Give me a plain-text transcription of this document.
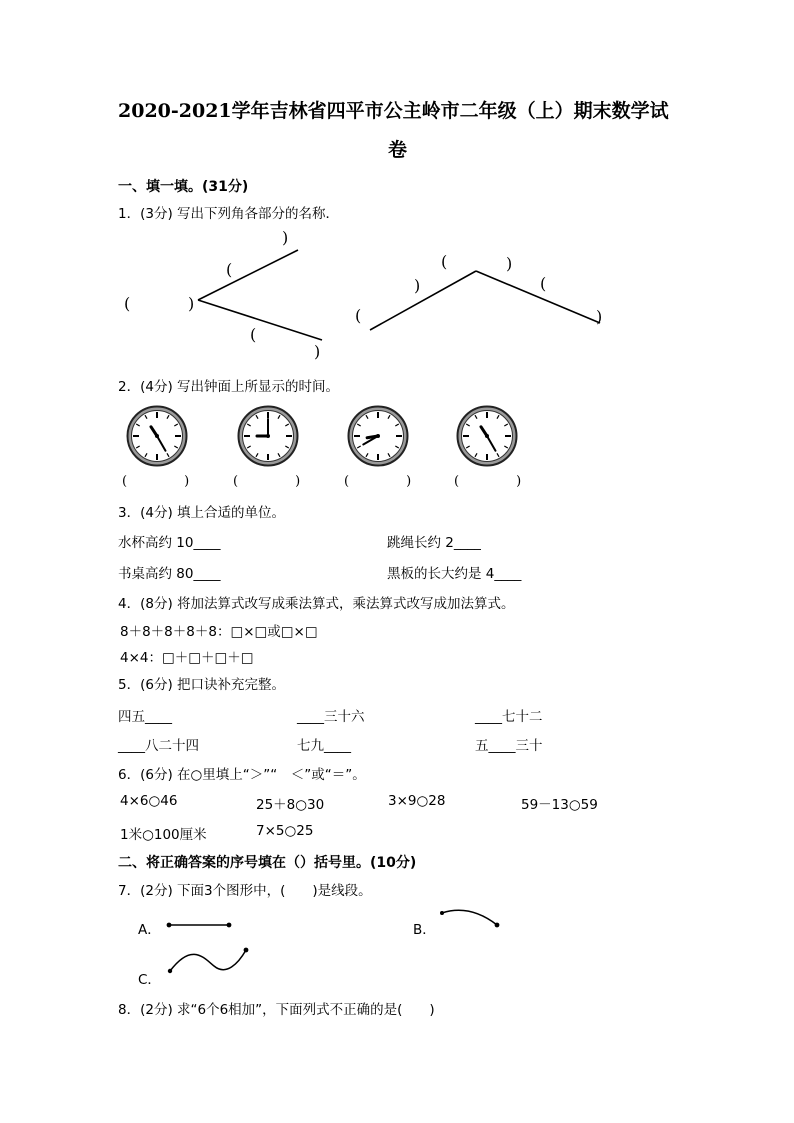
2020-2021学年吉林省四平市公主岭市二年级（上）期末数学试
卷
一、填一填。(31分)
1．(3分) 写出下列角各部分的名称．
)
(
(	)
(
)
(	)
)	(
(	)
2．(4分) 写出钟面上所显示的时间。
(　　　　)	(　　　　)	(　　　　)	(　　　　)
3．(4分) 填上合适的单位。
水杯高约 10____	跳绳长约 2____
书桌高约 80____	黑板的长大约是 4____
4．(8分) 将加法算式改写成乘法算式，乘法算式改写成加法算式。
8＋8＋8＋8＋8：□×□或□×□
4×4：□＋□＋□＋□
5．(6分) 把口诀补充完整。
四五____	____三十六	____七十二
____八二十四	七九____	五____三十
6．(6分) 在○里填上“＞”“　＜”或“＝”。
4×6○46	25＋8○30	3×9○28	59－13○59
1米○100厘米	7×5○25
二、将正确答案的序号填在（）括号里。(10分)
7．(2分) 下面3个图形中，(　　)是线段。
A．	B．
C．
8．(2分) 求“6个6相加”，下面列式不正确的是(　　)
